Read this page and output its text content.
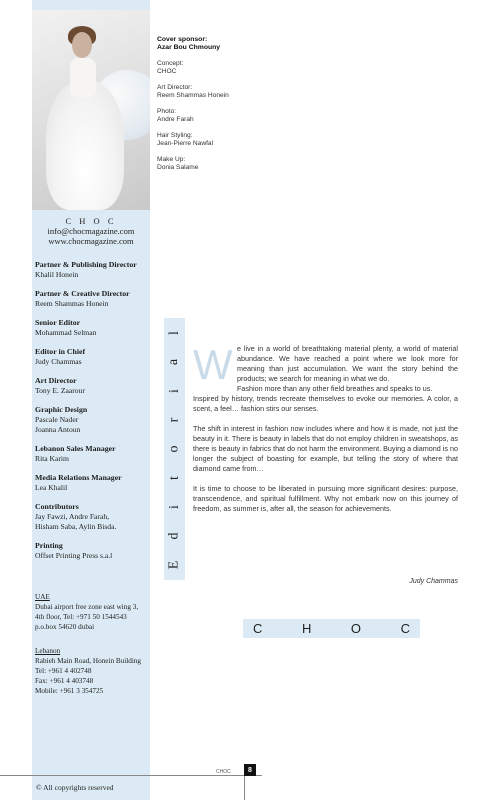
C H O C
info@chocmagazine.com
www.chocmagazine.com
Partner & Publishing Director
Khalil Honein
Partner & Creative Director
Reem Shammas Honein
Senior Editor
Mohammad Selman
Editor in Chief
Judy Chammas
Art Director
Tony E. Zaarour
Graphic Design
Pascale Nader
Joanna Antoun
Lebanon Sales Manager
Rita Karim
Media Relations Manager
Lea Khalil
Contributors
Jay Fawzi, Andre Farah,
Hisham Saba, Aylin Bisda.
Printing
Offset Printing Press s.a.l
UAE
Dubai airport free zone east wing 3,
4th floor, Tel: +971 50 1544543
p.o.box 54620 dubai
Lebanon
Rabieh Main Road, Honein Building
Tel: +961 4 402748
Fax: +961 4 403748
Mobile: +961 3 354725
© All copyrights reserved
Cover sponsor:
Azar Bou Chmouny
Concept:
CHOC
Art Director:
Reem Shammas Honein
Photo:
Andre Farah
Hair Styling:
Jean-Pierre Nawfal
Make Up:
Donia Salame
E
d
i
t
o
r
i
a
l
W e live in a world of breathtaking material plenty, a world of material abundance. We have reached a point where we look more for meaning than just accumulation. We want the story behind the products; we search for meaning in what we do.

Fashion more than any other field breathes and speaks to us.

Inspired by history, trends recreate themselves to evoke our memories. A color, a scent, a feel… fashion stirs our senses.

The shift in interest in fashion now includes where and how it is made, not just the beauty in it. There is beauty in labels that do not employ children in sweatshops, as there is beauty in fabrics that do not harm the environment. Buying a diamond is no longer the subject of boasting for example, but telling the story of where that diamond came from…

It is time to choose to be liberated in pursuing more significant desires: purpose, transcendence, and spiritual fulfillment. Why not embark now on this journey of freedom, as summer is, after all, the season for achievements.

Judy Chammas
C	H	O	C
CHOC	8
